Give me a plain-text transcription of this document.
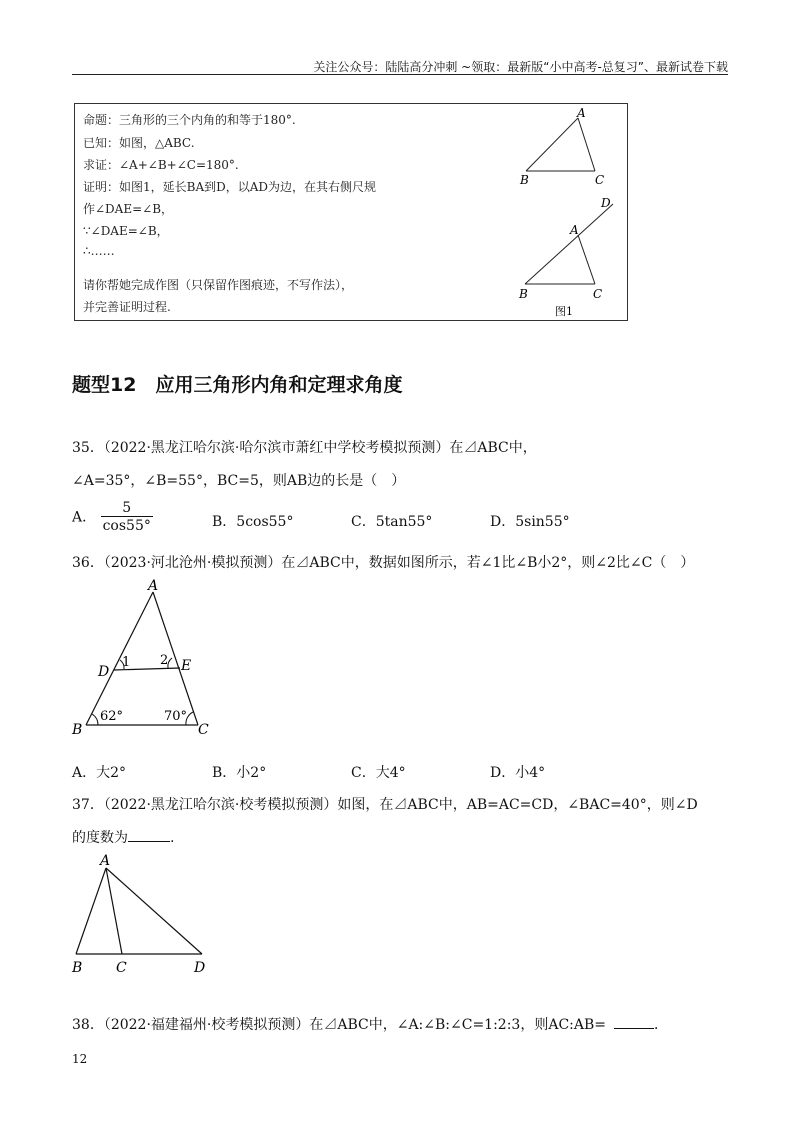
关注公众号：陆陆高分冲刺 ~领取：最新版“小中高考-总复习”、最新试卷下载
命题：三角形的三个内角的和等于180°.
已知：如图，△ABC.
求证：∠A+∠B+∠C=180°.
证明：如图1，延长BA到D，以AD为边，在其右侧尺规
作∠DAE=∠B，
∵∠DAE=∠B，
∴……
请你帮她完成作图（只保留作图痕迹，不写作法），
并完善证明过程.
A
B	C
D
A
B	C
图1
题型12　应用三角形内角和定理求角度
35．（2022·黑龙江哈尔滨·哈尔滨市萧红中学校考模拟预测）在⊿ABC中，
∠A=35°，∠B=55°，BC=5，则AB边的长是（　）
A． $\frac{5}{\cos 55^\circ}$	B．5cos55°	C．5tan55°	D．5sin55°
36．（2023·河北沧州·模拟预测）在⊿ABC中，数据如图所示，若∠1比∠B小2°，则∠2比∠C（　）
A
D	E
1 2
62°	70°
B	C
A．大2°	B．小2°	C．大4°	D．小4°
37．（2022·黑龙江哈尔滨·校考模拟预测）如图，在⊿ABC中，AB=AC=CD，∠BAC=40°，则∠D
的度数为	.
A
B C	D
38．（2022·福建福州·校考模拟预测）在⊿ABC中，∠A:∠B:∠C=1:2:3，则AC:AB=	．
12
